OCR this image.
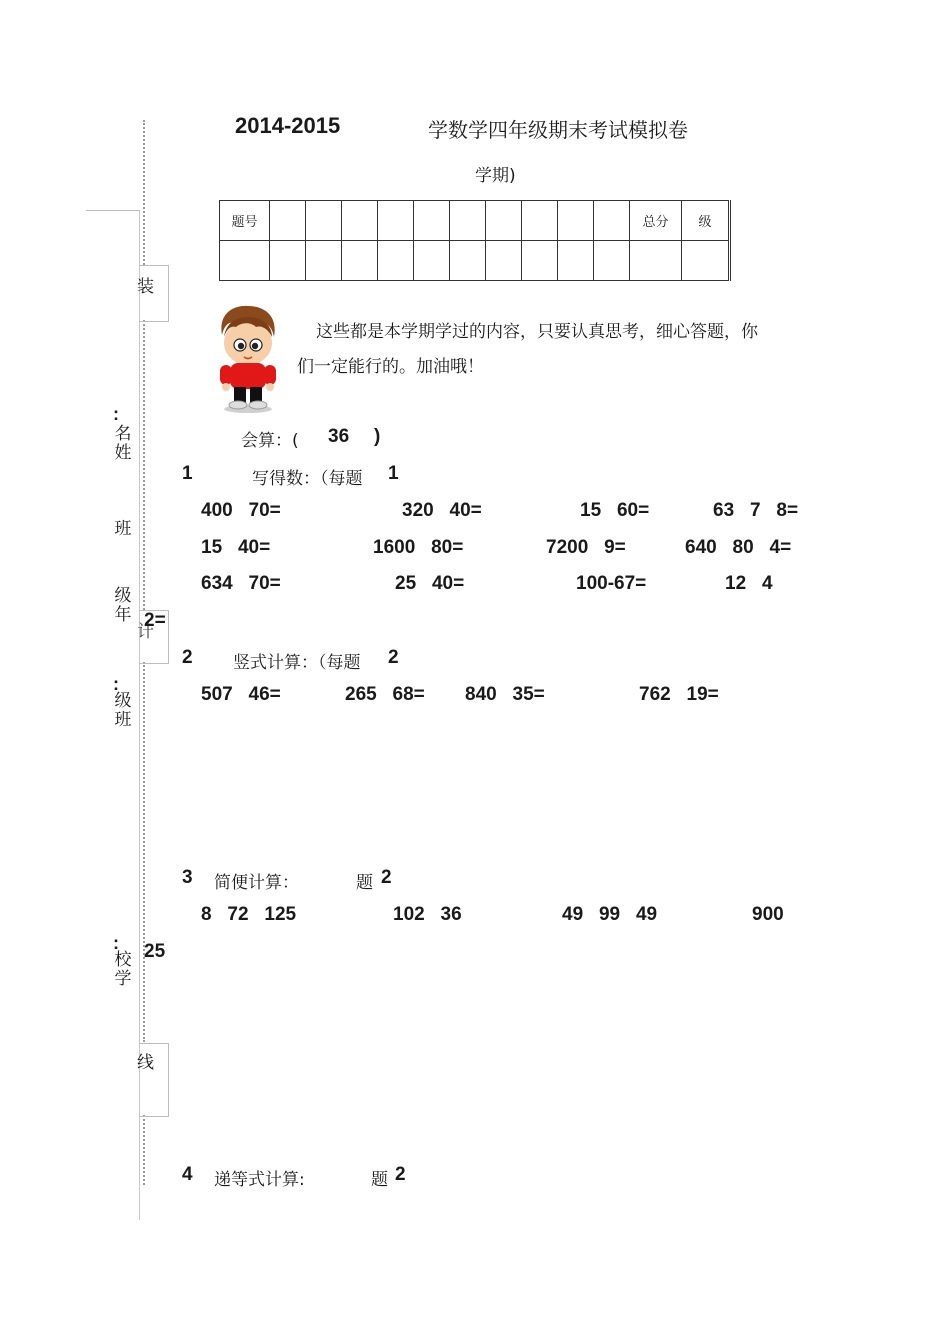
装
线
:
名
姓
班
级
年
计
:
级
班
:
校
学
2014-2015	学数学四年级期末考试模拟卷
学期)
题号											总分	级

这些都是本学期学过的内容，只要认真思考，细心答题，你
们一定能行的。加油哦！
会算：( 36 )
1	写得数：（每题 1
400   70=	320   40=	15   60=	63   7   8=
15   40=	1600   80=	7200   9=	640   80   4=
634   70=	25   40=	100-67=	12   4
2=
2 竖式计算：（每题 2
507   46=	265   68= 840   35=	762   19=
3 简便计算：	题 2
8   72   125	102   36	49   99   49	900
25
4 递等式计算:	题 2
